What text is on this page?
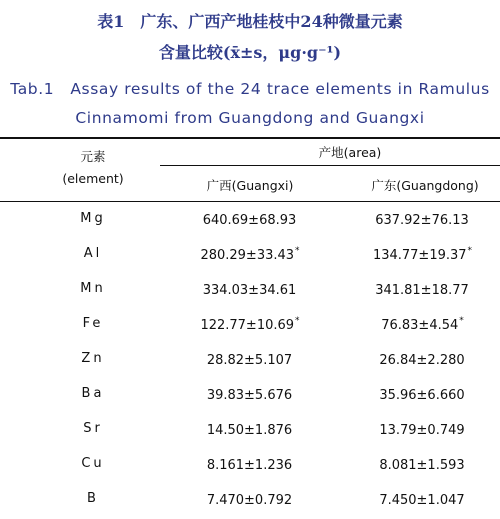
表1　广东、广西产地桂枝中24种微量元素
含量比较(x̄±s，μg·g⁻¹)
Tab.1　Assay results of the 24 trace elements in Ramulus
Cinnamomi from Guangdong and Guangxi
元素
(element)
产地(area)
广西(Guangxi)	广东(Guangdong)
Mg	640.69±68.93	637.92±76.13
Al	280.29±33.43*	134.77±19.37*
Mn	334.03±34.61	341.81±18.77
Fe	122.77±10.69*	76.83±4.54*
Zn	28.82±5.107	26.84±2.280
Ba	39.83±5.676	35.96±6.660
Sr	14.50±1.876	13.79±0.749
Cu	8.161±1.236	8.081±1.593
B	7.470±0.792	7.450±1.047
